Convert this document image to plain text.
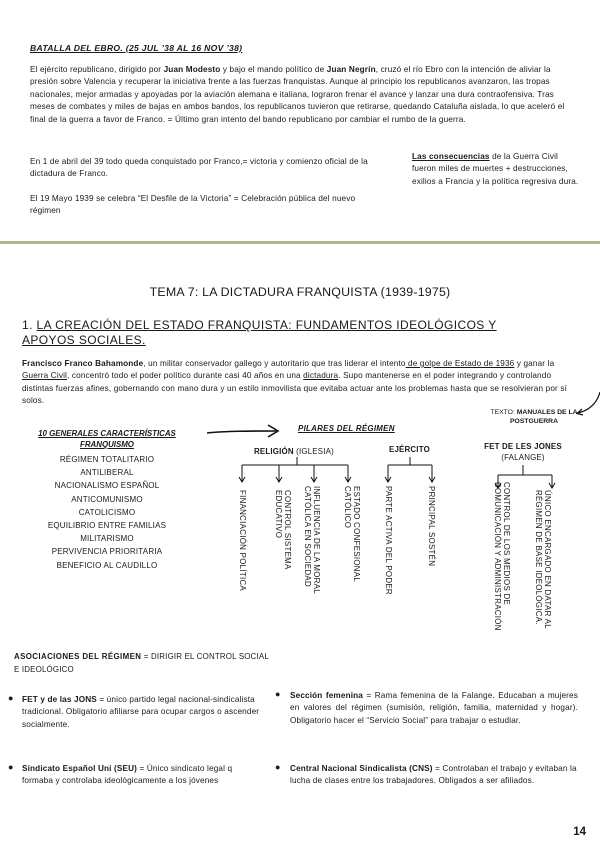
BATALLA DEL EBRO. (25 JUL ’38 AL 16 NOV ’38)
El ejército republicano, dirigido por Juan Modesto y bajo el mando político de Juan Negrín, cruzó el río Ebro con la intención de aliviar la presión sobre Valencia y recuperar la iniciativa frente a las fuerzas franquistas. Aunque al principio los republicanos avanzaron, las tropas nacionales, mejor armadas y apoyadas por la aviación alemana e italiana, lograron frenar el avance y lanzar una dura contraofensiva. Tras meses de combates y miles de bajas en ambos bandos, los republicanos tuvieron que retirarse, quedando Cataluña aislada, lo que aceleró el final de la guerra a favor de Franco. = Último gran intento del bando republicano por cambiar el rumbo de la guerra.
En 1 de abril del 39 todo queda conquistado por Franco,= victoria y comienzo oficial de la dictadura de Franco.
El 19 Mayo 1939 se celebra “El Desfile de la Victoria” = Celebración pública del nuevo régimen
Las consecuencias de la Guerra Civil fueron miles de muertes + destrucciones, exilios a Francia y la política regresiva dura.
TEMA 7: LA DICTADURA FRANQUISTA (1939-1975)
1. LA CREACIÓN DEL ESTADO FRANQUISTA: FUNDAMENTOS IDEOLÓGICOS Y APOYOS SOCIALES.
Francisco Franco Bahamonde, un militar conservador gallego y autoritario que tras liderar el intento de golpe de Estado de 1936 y ganar la Guerra Civil, concentró todo el poder político durante casi 40 años en una dictadura. Supo mantenerse en el poder integrando y controlando distintas fuerzas afines, gobernando con mano dura y un estilo inmovilista que evitaba actuar ante los problemas hasta que se resolvieran por sí solos.
TEXTO: MANUALES DE LA POSTGUERRA
10 GENERALES CARACTERÍSTICAS FRANQUISMO
RÉGIMEN TOTALITARIO
ANTILIBERAL
NACIONALISMO ESPAÑOL
ANTICOMUNISMO
CATOLICISMO
EQUILIBRIO ENTRE FAMILIAS
MILITARISMO
PERVIVENCIA PRIORITARIA
BENEFICIO AL CAUDILLO
PILARES DEL RÉGIMEN
RELIGIÓN (IGLESIA)	EJÉRCITO	FET DE LES JONES
(FALANGE)
FINANCIACIÓN POLÍTICA	CONTROL SISTEMA EDUCATIVO	INFLUENCIA DE LA MORAL CATÓLICA EN SOCIEDAD	ESTADO CONFESIONAL CATÓLICO	PARTE ACTIVA DEL PODER	PRINCIPAL SOSTÉN	CONTROL DE LOS MEDIOS DE COMUNICACIÓN Y ADMINISTRACIÓN	ÚNICO ENCARGADO EN DATAR AL RÉGIMEN DE BASE IDEOLÓGICA.
ASOCIACIONES DEL RÉGIMEN = DIRIGIR EL CONTROL SOCIAL E IDEOLÓGICO
● FET y de las JONS = único partido legal nacional-sindicalista tradicional. Obligatorio afiliarse para ocupar cargos o ascender socialmente.
● Sindicato Español Uni (SEU) = Único sindicato legal q formaba y controlaba ideológicamente a los jóvenes
● Sección femenina = Rama femenina de la Falange. Educaban a mujeres en valores del régimen (sumisión, religión, familia, maternidad y hogar). Obligatorio hacer el “Servicio Social” para trabajar o estudiar.
● Central Nacional Sindicalista (CNS) = Controlaban el trabajo y evitaban la lucha de clases entre los trabajadores. Obligados a ser afiliados.
14
